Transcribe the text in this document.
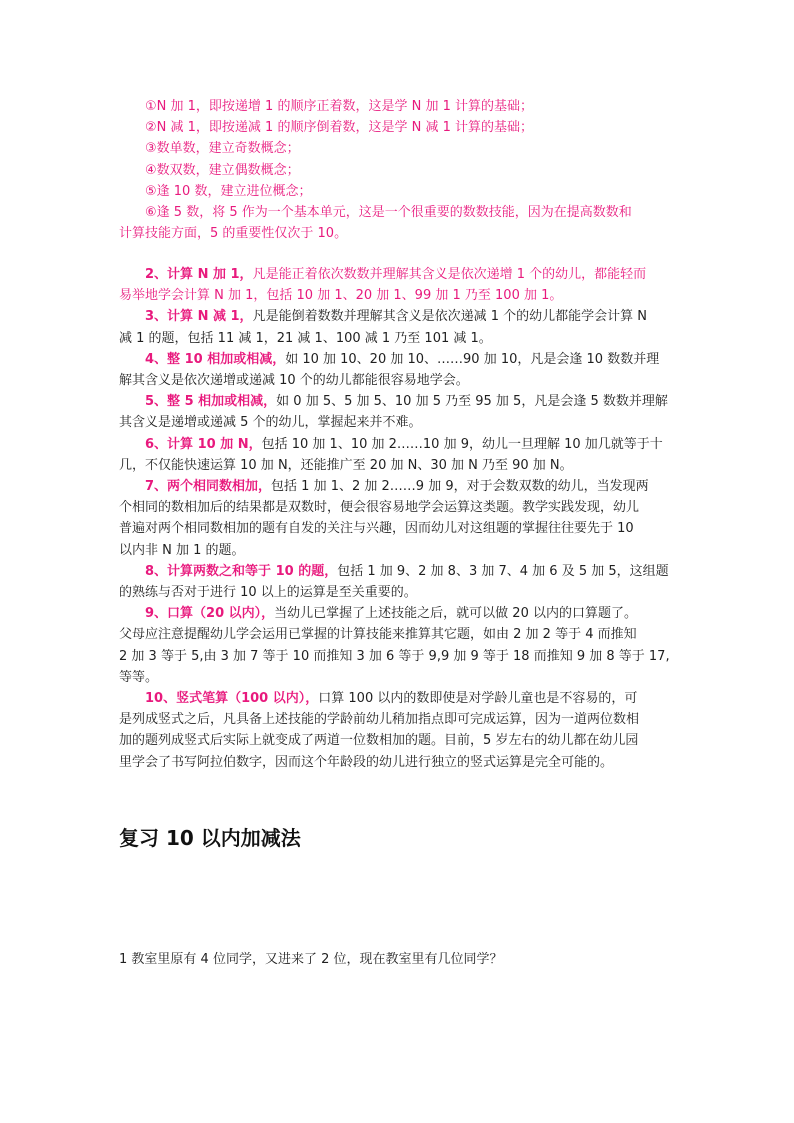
①N 加 1，即按递增 1 的顺序正着数，这是学 N 加 1 计算的基础；
②N 减 1，即按递减 1 的顺序倒着数，这是学 N 减 1 计算的基础；
③数单数，建立奇数概念；
④数双数，建立偶数概念；
⑤逢 10 数，建立进位概念；
⑥逢 5 数，将 5 作为一个基本单元，这是一个很重要的数数技能，因为在提高数数和
计算技能方面，5 的重要性仅次于 10。
2、计算 N 加 1，凡是能正着依次数数并理解其含义是依次递增 1 个的幼儿，都能轻而
易举地学会计算 N 加 1，包括 10 加 1、20 加 1、99 加 1 乃至 100 加 1。
3、计算 N 减 1，凡是能倒着数数并理解其含义是依次递减 1 个的幼儿都能学会计算 N
减 1 的题，包括 11 减 1，21 减 1、100 减 1 乃至 101 减 1。
4、整 10 相加或相减，如 10 加 10、20 加 10、……90 加 10，凡是会逢 10 数数并理
解其含义是依次递增或递减 10 个的幼儿都能很容易地学会。
5、整 5 相加或相减，如 0 加 5、5 加 5、10 加 5 乃至 95 加 5，凡是会逢 5 数数并理解
其含义是递增或递减 5 个的幼儿，掌握起来并不难。
6、计算 10 加 N，包括 10 加 1、10 加 2……10 加 9，幼儿一旦理解 10 加几就等于十
几，不仅能快速运算 10 加 N，还能推广至 20 加 N、30 加 N 乃至 90 加 N。
7、两个相同数相加，包括 1 加 1、2 加 2……9 加 9，对于会数双数的幼儿，当发现两
个相同的数相加后的结果都是双数时，便会很容易地学会运算这类题。教学实践发现，幼儿
普遍对两个相同数相加的题有自发的关注与兴趣，因而幼儿对这组题的掌握往往要先于 10
以内非 N 加 1 的题。
8、计算两数之和等于 10 的题，包括 1 加 9、2 加 8、3 加 7、4 加 6 及 5 加 5，这组题
的熟练与否对于进行 10 以上的运算是至关重要的。
9、口算（20 以内），当幼儿已掌握了上述技能之后，就可以做 20 以内的口算题了。
父母应注意提醒幼儿学会运用已掌握的计算技能来推算其它题，如由 2 加 2 等于 4 而推知
2 加 3 等于 5,由 3 加 7 等于 10 而推知 3 加 6 等于 9,9 加 9 等于 18 而推知 9 加 8 等于 17,
等等。
10、竖式笔算（100 以内），口算 100 以内的数即使是对学龄儿童也是不容易的，可
是列成竖式之后，凡具备上述技能的学龄前幼儿稍加指点即可完成运算，因为一道两位数相
加的题列成竖式后实际上就变成了两道一位数相加的题。目前，5 岁左右的幼儿都在幼儿园
里学会了书写阿拉伯数字，因而这个年龄段的幼儿进行独立的竖式运算是完全可能的。
复习 10 以内加减法
1 教室里原有 4 位同学，又进来了 2 位，现在教室里有几位同学？
